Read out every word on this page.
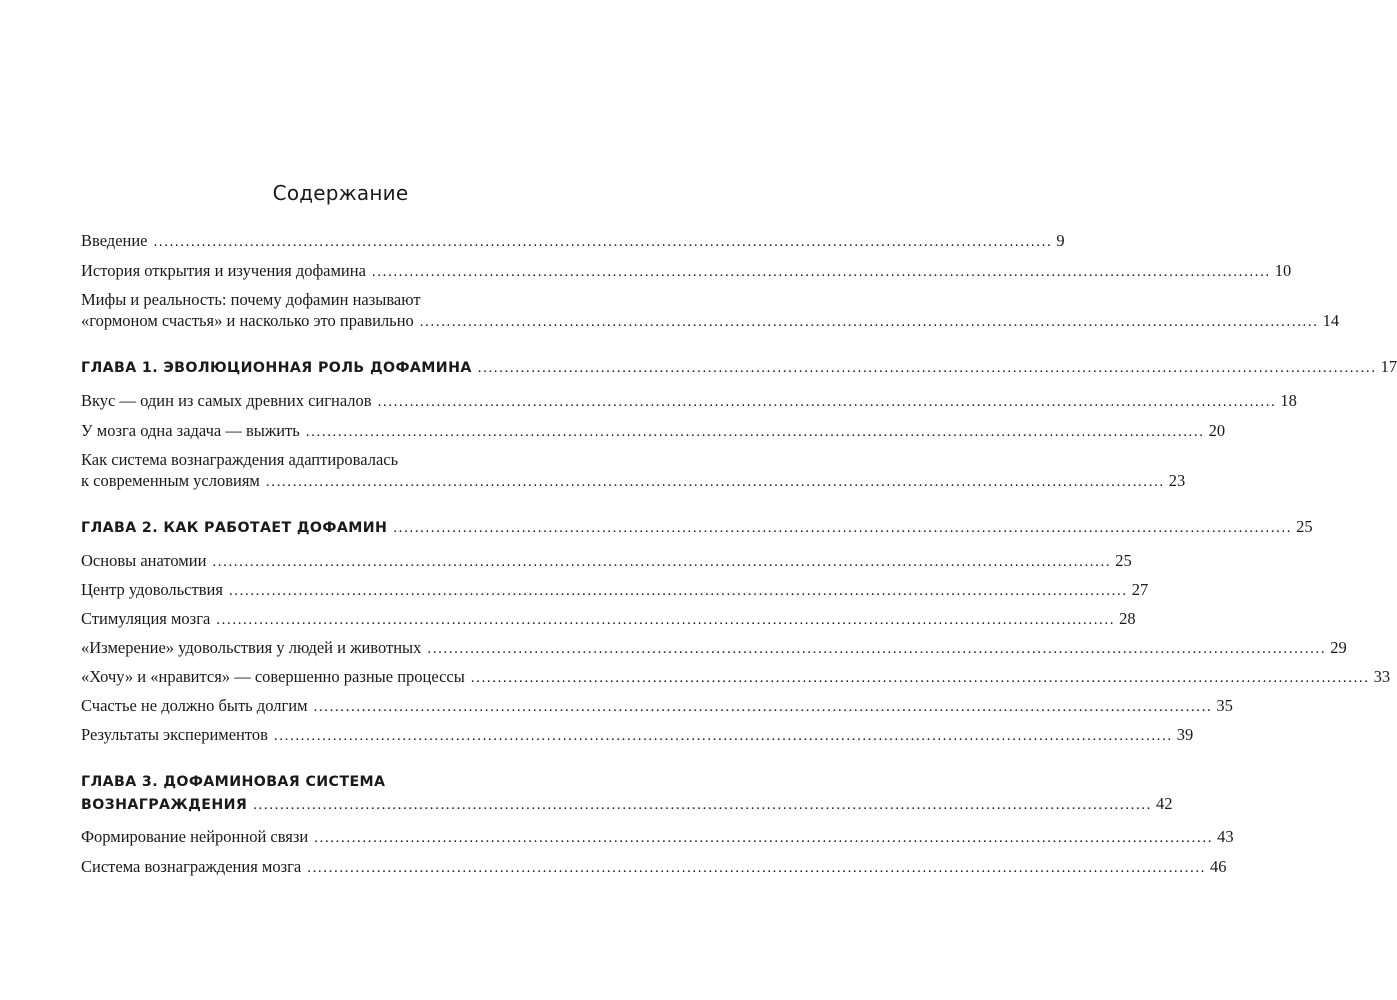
Содержание
Введение ........................................................................................................................................................................ 9
История открытия и изучения дофамина ........................................................................................................................................................................ 10
Мифы и реальность: почему дофамин называют
«гормоном счастья» и насколько это правильно ........................................................................................................................................................................ 14
ГЛАВА 1. ЭВОЛЮЦИОННАЯ РОЛЬ ДОФАМИНА ........................................................................................................................................................................ 17
Вкус — один из самых древних сигналов ........................................................................................................................................................................ 18
У мозга одна задача — выжить ........................................................................................................................................................................ 20
Как система вознаграждения адаптировалась
к современным условиям ........................................................................................................................................................................ 23
ГЛАВА 2. КАК РАБОТАЕТ ДОФАМИН ........................................................................................................................................................................ 25
Основы анатомии ........................................................................................................................................................................ 25
Центр удовольствия ........................................................................................................................................................................ 27
Стимуляция мозга ........................................................................................................................................................................ 28
«Измерение» удовольствия у людей и животных ........................................................................................................................................................................ 29
«Хочу» и «нравится» — совершенно разные процессы ........................................................................................................................................................................ 33
Счастье не должно быть долгим ........................................................................................................................................................................ 35
Результаты экспериментов ........................................................................................................................................................................ 39
ГЛАВА 3. ДОФАМИНОВАЯ СИСТЕМА
ВОЗНАГРАЖДЕНИЯ ........................................................................................................................................................................ 42
Формирование нейронной связи ........................................................................................................................................................................ 43
Система вознаграждения мозга ........................................................................................................................................................................ 46
